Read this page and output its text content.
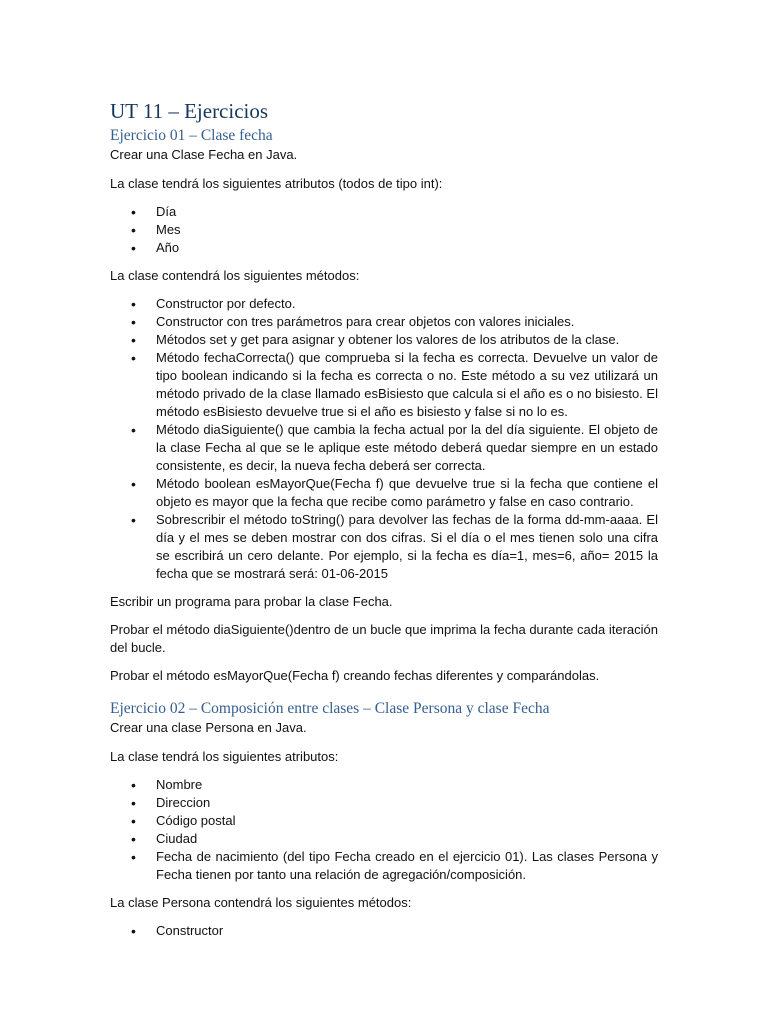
UT 11 – Ejercicios
Ejercicio 01 – Clase fecha

Crear una Clase Fecha en Java.

La clase tendrá los siguientes atributos (todos de tipo int):

• Día
• Mes
• Año

La clase contendrá los siguientes métodos:

• Constructor por defecto.
• Constructor con tres parámetros para crear objetos con valores iniciales.
• Métodos set y get para asignar y obtener los valores de los atributos de la clase.
• Método fechaCorrecta() que comprueba si la fecha es correcta. Devuelve un valor de tipo boolean indicando si la fecha es correcta o no. Este método a su vez utilizará un método privado de la clase llamado esBisiesto que calcula si el año es o no bisiesto. El método esBisiesto devuelve true si el año es bisiesto y false si no lo es.
• Método diaSiguiente() que cambia la fecha actual por la del día siguiente. El objeto de la clase Fecha al que se le aplique este método deberá quedar siempre en un estado consistente, es decir, la nueva fecha deberá ser correcta.
• Método boolean esMayorQue(Fecha f) que devuelve true si la fecha que contiene el objeto es mayor que la fecha que recibe como parámetro y false en caso contrario.
• Sobrescribir el método toString() para devolver las fechas de la forma dd-mm-aaaa. El día y el mes se deben mostrar con dos cifras. Si el día o el mes tienen solo una cifra se escribirá un cero delante. Por ejemplo, si la fecha es día=1, mes=6, año= 2015 la fecha que se mostrará será: 01-06-2015

Escribir un programa para probar la clase Fecha.

Probar el método diaSiguiente()dentro de un bucle que imprima la fecha durante cada iteración del bucle.

Probar el método esMayorQue(Fecha f) creando fechas diferentes y comparándolas.

Ejercicio 02 – Composición entre clases – Clase Persona y clase Fecha

Crear una clase Persona en Java.

La clase tendrá los siguientes atributos:

• Nombre
• Direccion
• Código postal
• Ciudad
• Fecha de nacimiento (del tipo Fecha creado en el ejercicio 01). Las clases Persona y Fecha tienen por tanto una relación de agregación/composición.

La clase Persona contendrá los siguientes métodos:

• Constructor
